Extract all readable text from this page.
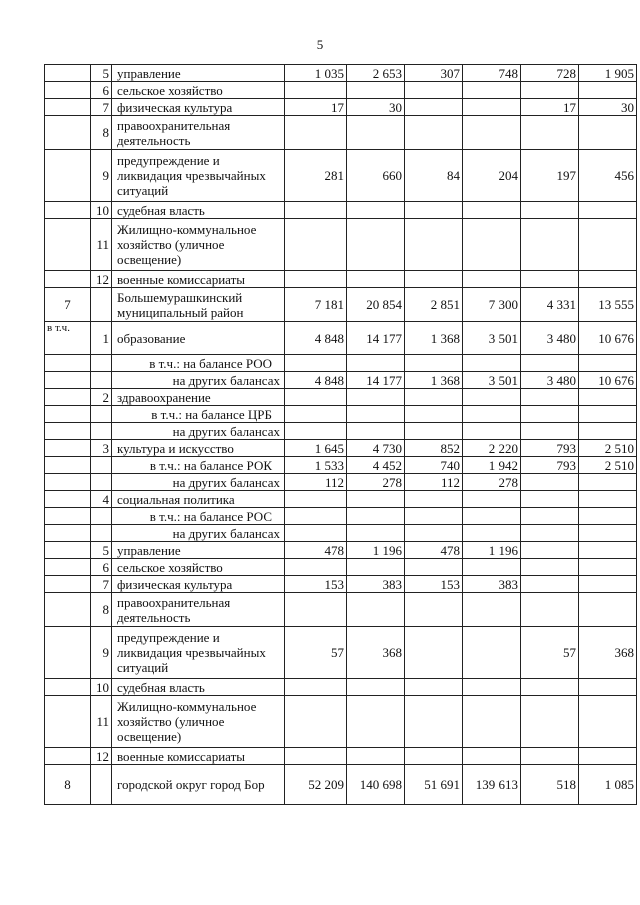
5
	5	управление	1 035	2 653	307	748	728	1 905
	6	сельское хозяйство						
	7	физическая культура	17	30			17	30
	8	правоохранительная деятельность						
	9	предупреждение и ликвидация чрезвычайных ситуаций	281	660	84	204	197	456
	10	судебная власть						
	11	Жилищно-коммунальное хозяйство (уличное освещение)						
	12	военные комиссариаты						
7		Большемурашкинский муниципальный район	7 181	20 854	2 851	7 300	4 331	13 555
в т.ч.	1	образование	4 848	14 177	1 368	3 501	3 480	10 676
		в т.ч.: на балансе РОО						
		на других балансах	4 848	14 177	1 368	3 501	3 480	10 676
	2	здравоохранение						
		в т.ч.: на балансе ЦРБ						
		на других балансах						
	3	культура и искусство	1 645	4 730	852	2 220	793	2 510
		в т.ч.: на балансе РОК	1 533	4 452	740	1 942	793	2 510
		на других балансах	112	278	112	278		
	4	социальная политика						
		в т.ч.: на балансе РОС						
		на других балансах						
	5	управление	478	1 196	478	1 196		
	6	сельское хозяйство						
	7	физическая культура	153	383	153	383		
	8	правоохранительная деятельность						
	9	предупреждение и ликвидация чрезвычайных ситуаций	57	368			57	368
	10	судебная власть						
	11	Жилищно-коммунальное хозяйство (уличное освещение)						
	12	военные комиссариаты						
8		городской округ город Бор	52 209	140 698	51 691	139 613	518	1 085
